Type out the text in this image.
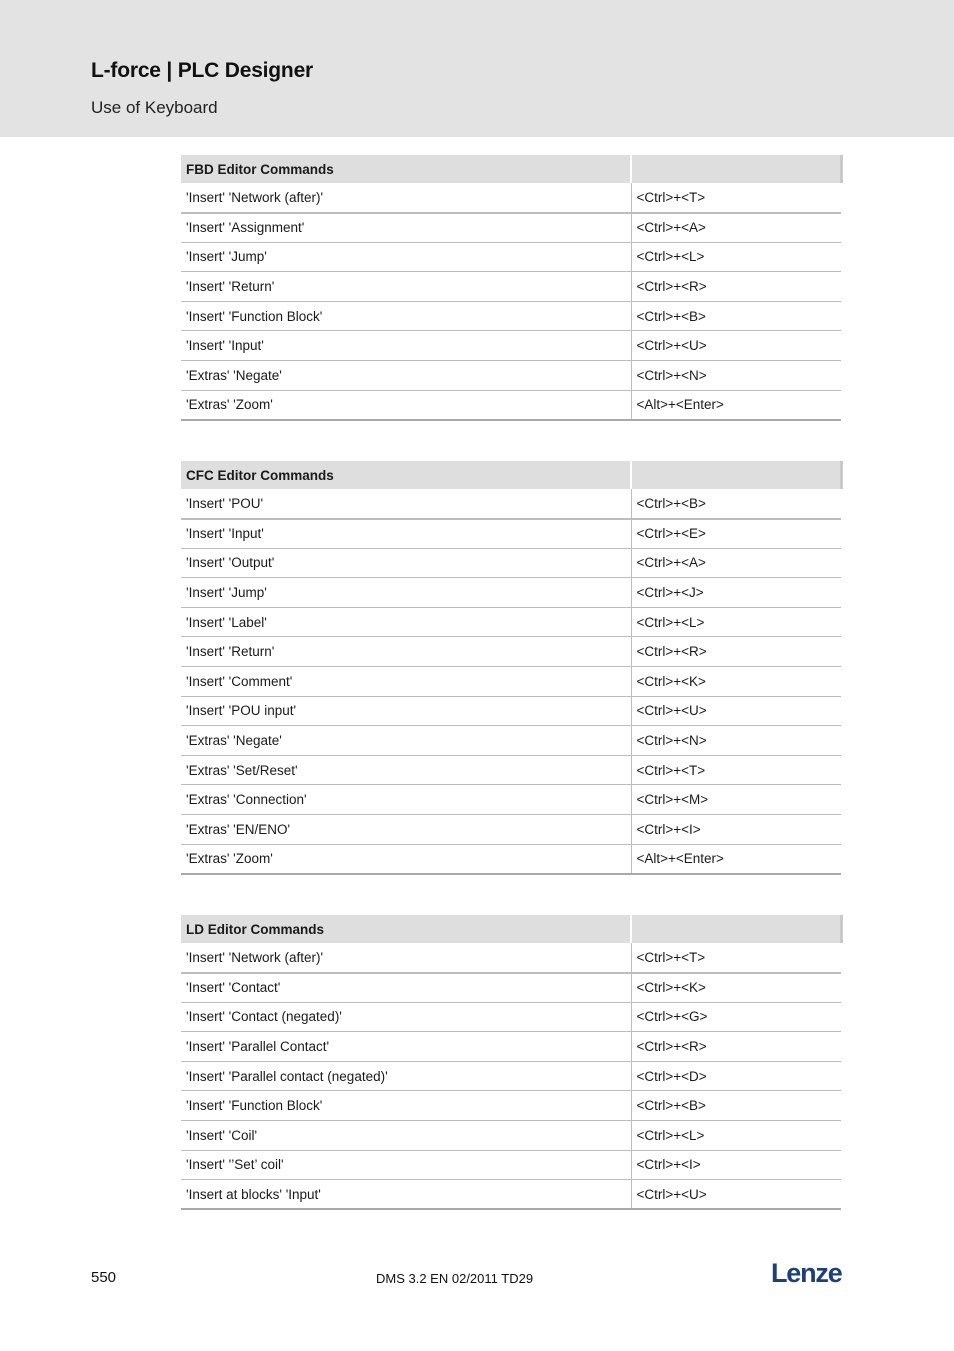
L-force | PLC Designer
Use of Keyboard
FBD Editor Commands	
'Insert' 'Network (after)'	<Ctrl>+<T>
'Insert' 'Assignment'	<Ctrl>+<A>
'Insert' 'Jump'	<Ctrl>+<L>
'Insert' 'Return'	<Ctrl>+<R>
'Insert' 'Function Block'	<Ctrl>+<B>
'Insert' 'Input'	<Ctrl>+<U>
'Extras' 'Negate'	<Ctrl>+<N>
'Extras' 'Zoom'	<Alt>+<Enter>
CFC Editor Commands	
'Insert' 'POU'	<Ctrl>+<B>
'Insert' 'Input'	<Ctrl>+<E>
'Insert' 'Output'	<Ctrl>+<A>
'Insert' 'Jump'	<Ctrl>+<J>
'Insert' 'Label'	<Ctrl>+<L>
'Insert' 'Return'	<Ctrl>+<R>
'Insert' 'Comment'	<Ctrl>+<K>
'Insert' 'POU input'	<Ctrl>+<U>
'Extras' 'Negate'	<Ctrl>+<N>
'Extras' 'Set/Reset'	<Ctrl>+<T>
'Extras' 'Connection'	<Ctrl>+<M>
'Extras' 'EN/ENO'	<Ctrl>+<I>
'Extras' 'Zoom'	<Alt>+<Enter>
LD Editor Commands	
'Insert' 'Network (after)'	<Ctrl>+<T>
'Insert' 'Contact'	<Ctrl>+<K>
'Insert' 'Contact (negated)'	<Ctrl>+<G>
'Insert' 'Parallel Contact'	<Ctrl>+<R>
'Insert' 'Parallel contact (negated)'	<Ctrl>+<D>
'Insert' 'Function Block'	<Ctrl>+<B>
'Insert' 'Coil'	<Ctrl>+<L>
'Insert' '’Set’ coil'	<Ctrl>+<I>
'Insert at blocks' 'Input'	<Ctrl>+<U>
550	DMS 3.2 EN 02/2011 TD29	Lenze
